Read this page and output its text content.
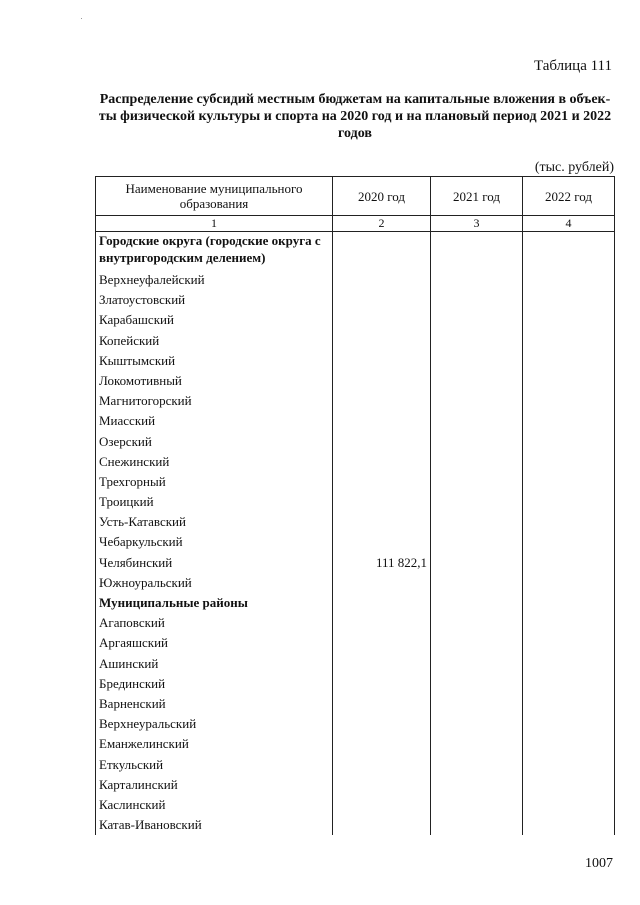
Таблица 111
Распределение субсидий местным бюджетам на капитальные вложения в объек-ты физической культуры и спорта на 2020 год и на плановый период 2021 и 2022 годов
(тыс. рублей)
Наименование муниципального образования	2020 год	2021 год	2022 год
1	2	3	4
Городские округа (городские округа с внутригородским делением)			
Верхнеуфалейский			
Златоустовский			
Карабашский			
Копейский			
Кыштымский			
Локомотивный			
Магнитогорский			
Миасский			
Озерский			
Снежинский			
Трехгорный			
Троицкий			
Усть-Катавский			
Чебаркульский			
Челябинский	111 822,1		
Южноуральский			
Муниципальные районы			
Агаповский			
Аргаяшский			
Ашинский			
Брединский			
Варненский			
Верхнеуральский			
Еманжелинский			
Еткульский			
Карталинский			
Каслинский			
Катав-Ивановский			
1007
